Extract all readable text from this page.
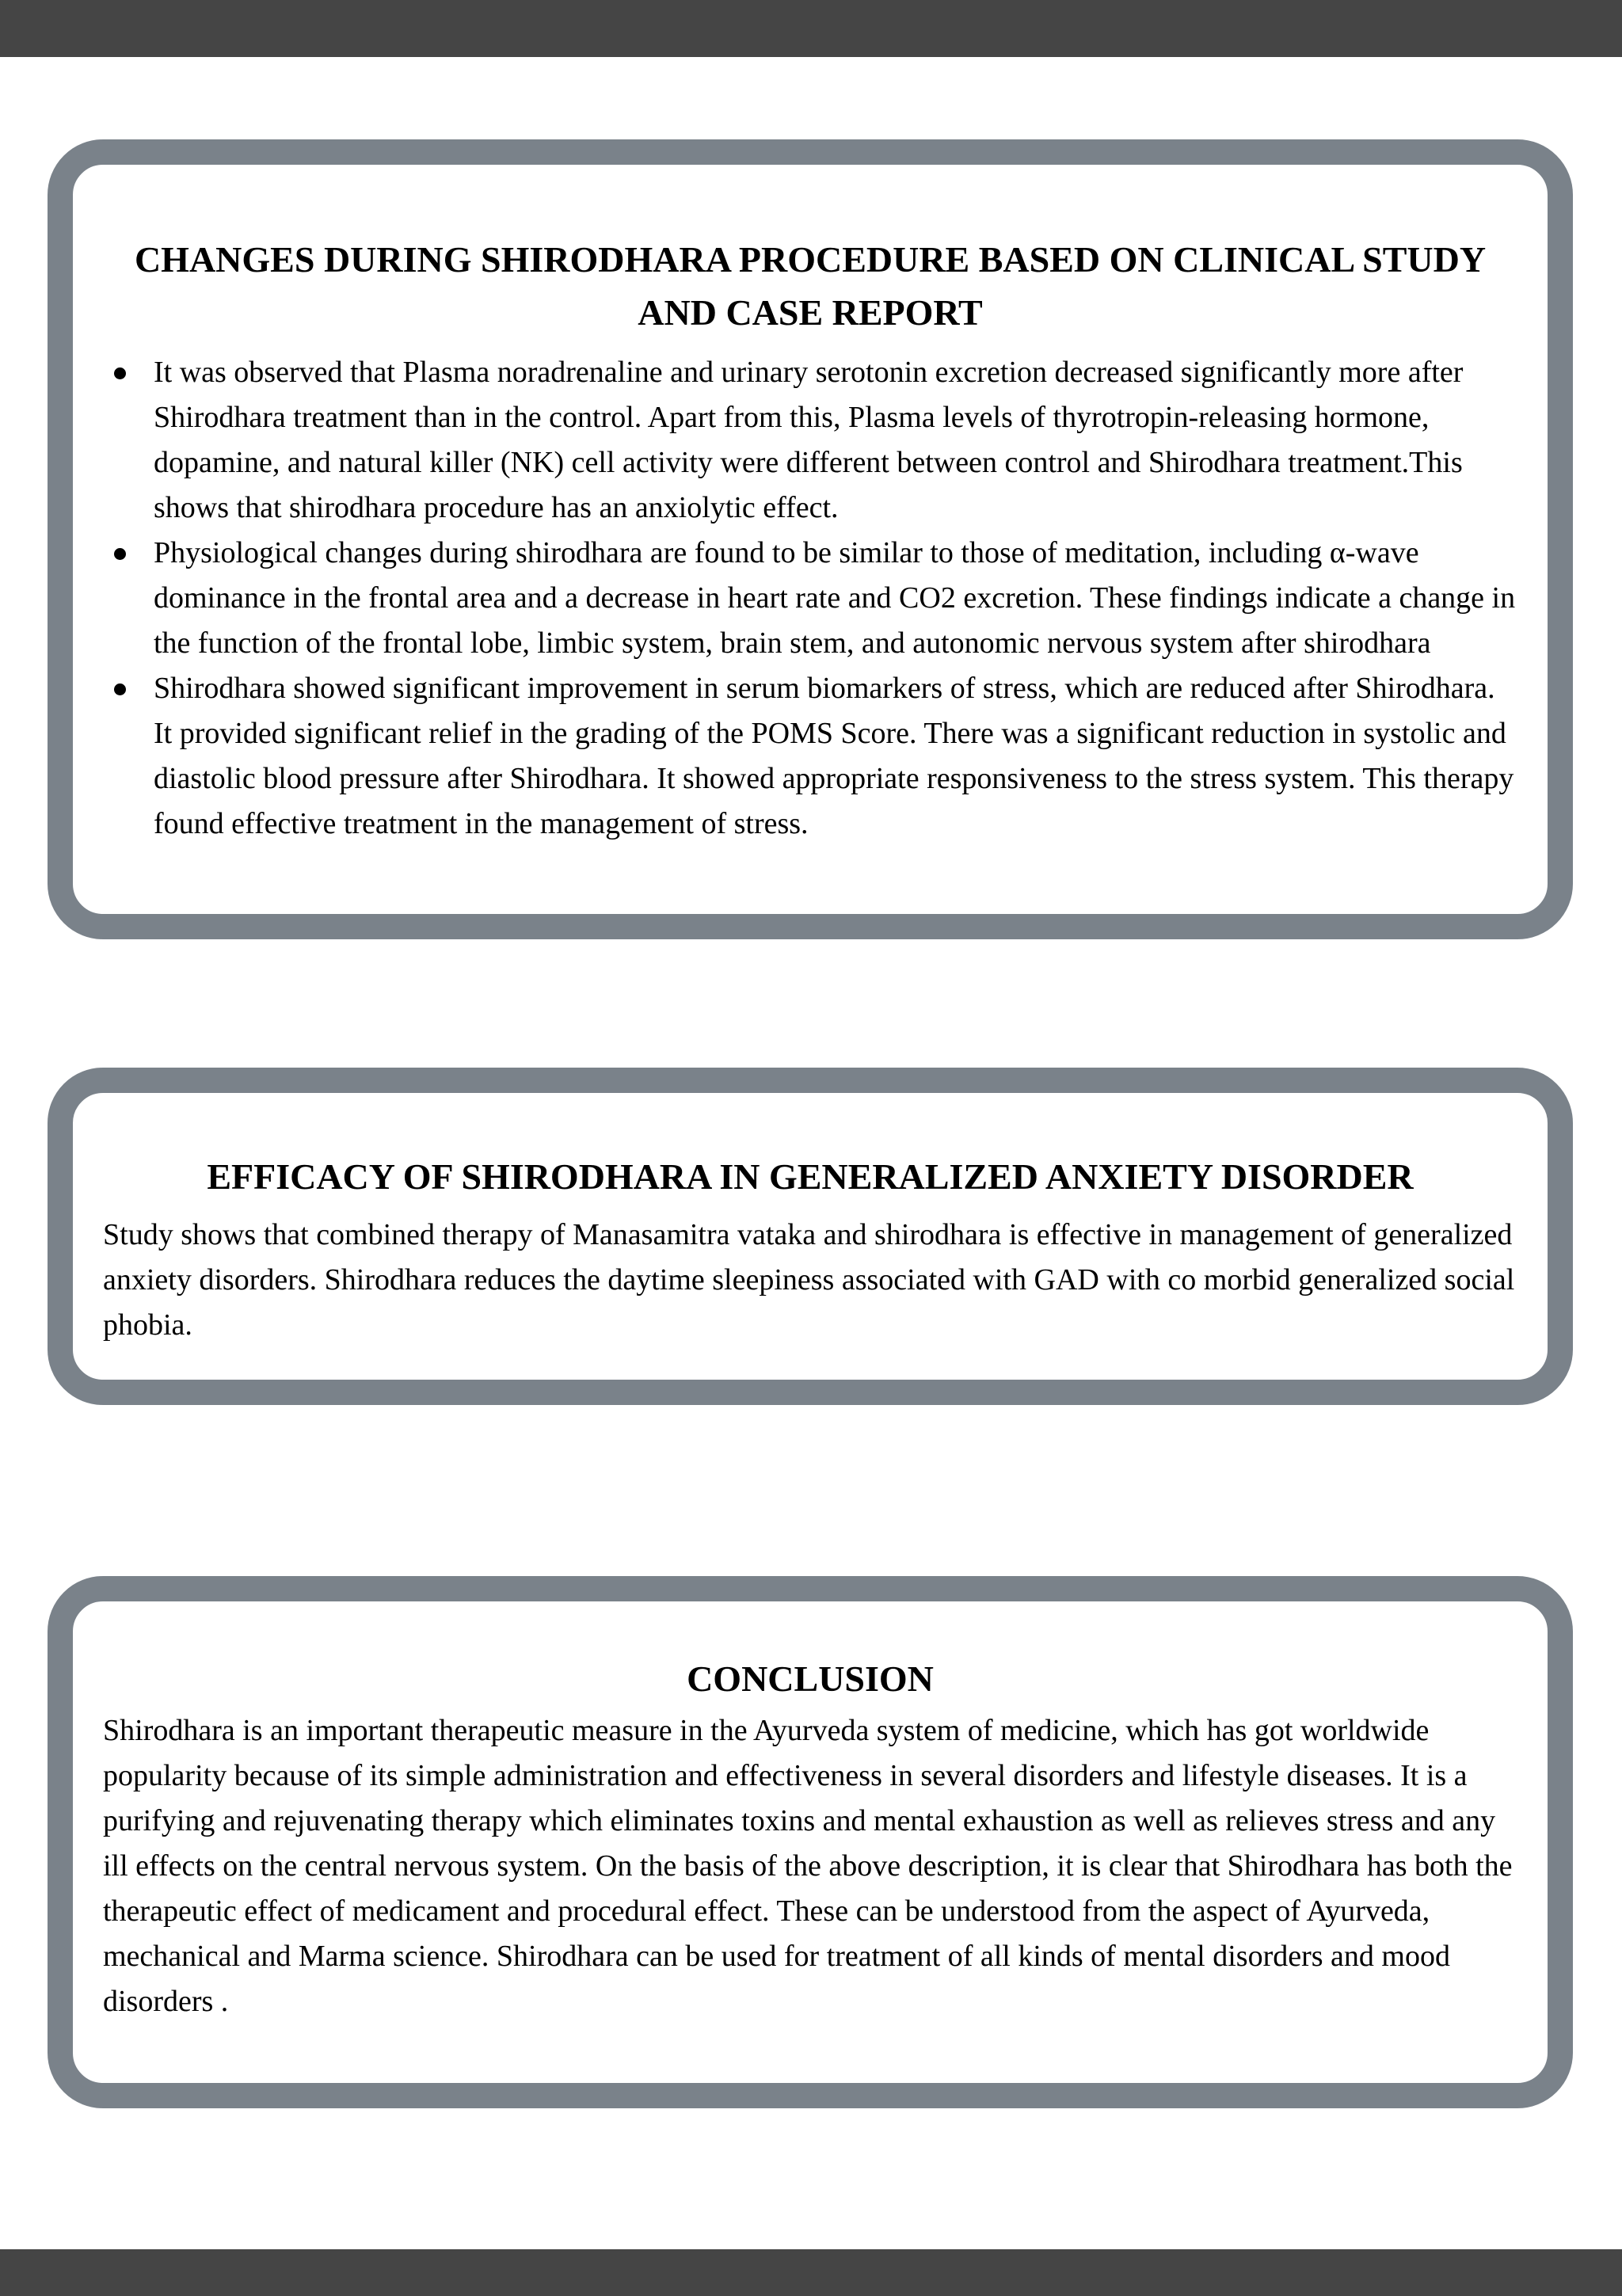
CHANGES DURING SHIRODHARA PROCEDURE BASED ON CLINICAL STUDY AND CASE REPORT
It was observed that Plasma noradrenaline and urinary serotonin excretion decreased significantly more after Shirodhara treatment than in the control. Apart from this, Plasma levels of thyrotropin-releasing hormone, dopamine, and natural killer (NK) cell activity were different between control and Shirodhara treatment.This shows that shirodhara procedure has an anxiolytic effect.
Physiological changes during shirodhara are found to be similar to those of meditation, including α-wave dominance in the frontal area and a decrease in heart rate and CO2 excretion. These findings indicate a change in the function of the frontal lobe, limbic system, brain stem, and autonomic nervous system after shirodhara
Shirodhara showed significant improvement in serum biomarkers of stress, which are reduced after Shirodhara. It provided significant relief in the grading of the POMS Score. There was a significant reduction in systolic and diastolic blood pressure after Shirodhara. It showed appropriate responsiveness to the stress system. This therapy found effective treatment in the management of stress.
EFFICACY OF SHIRODHARA IN GENERALIZED ANXIETY DISORDER

Study shows that combined therapy of Manasamitra vataka and shirodhara is effective in management of generalized anxiety disorders. Shirodhara reduces the daytime sleepiness associated with GAD with co morbid generalized social phobia.

CONCLUSION

Shirodhara is an important therapeutic measure in the Ayurveda system of medicine, which has got worldwide popularity because of its simple administration and effectiveness in several disorders and lifestyle diseases. It is a purifying and rejuvenating therapy which eliminates toxins and mental exhaustion as well as relieves stress and any ill effects on the central nervous system. On the basis of the above description, it is clear that Shirodhara has both the therapeutic effect of medicament and procedural effect. These can be understood from the aspect of Ayurveda, mechanical and Marma science. Shirodhara can be used for treatment of all kinds of mental disorders and mood disorders .
